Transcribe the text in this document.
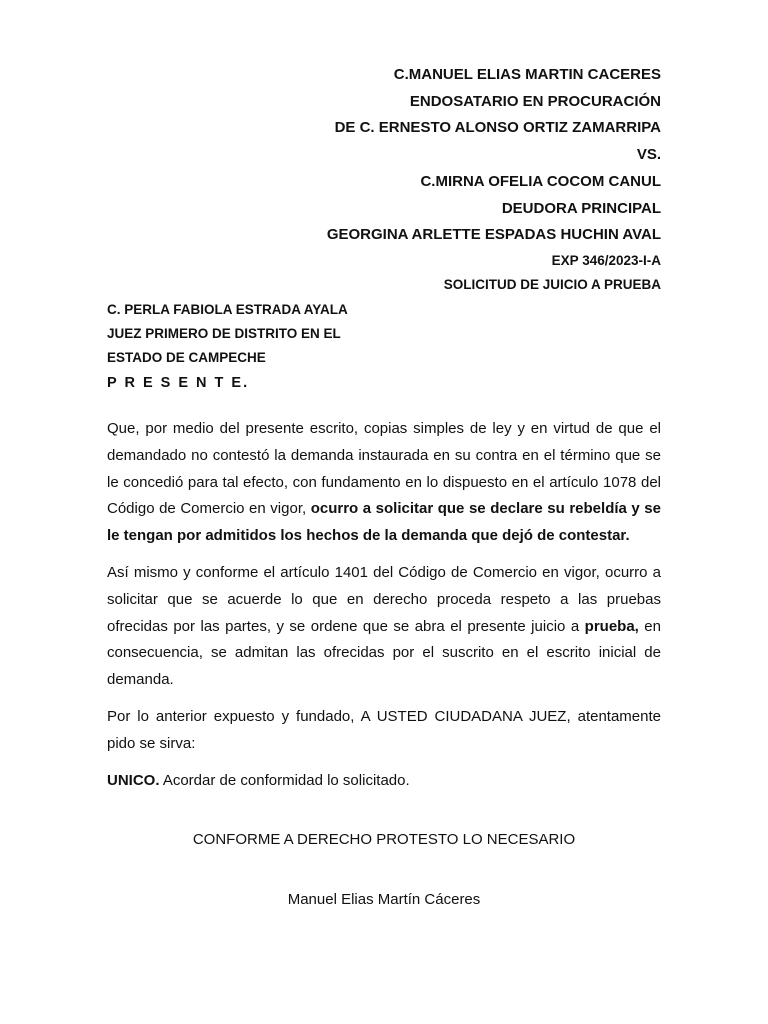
C.MANUEL ELIAS MARTIN CACERES
ENDOSATARIO EN PROCURACIÓN
DE C. ERNESTO ALONSO ORTIZ ZAMARRIPA
VS.
C.MIRNA OFELIA COCOM CANUL
DEUDORA PRINCIPAL
GEORGINA ARLETTE ESPADAS HUCHIN AVAL
EXP 346/2023-I-A
SOLICITUD DE JUICIO A PRUEBA
C. PERLA FABIOLA ESTRADA AYALA
JUEZ PRIMERO DE DISTRITO EN EL
ESTADO DE CAMPECHE
P R E S E N T E.
Que, por medio del presente escrito, copias simples de ley y en virtud de que el demandado no contestó la demanda instaurada en su contra en el término que se le concedió para tal efecto, con fundamento en lo dispuesto en el artículo 1078 del Código de Comercio en vigor, ocurro a solicitar que se declare su rebeldía y se le tengan por admitidos los hechos de la demanda que dejó de contestar.
Así mismo y conforme el artículo 1401 del Código de Comercio en vigor, ocurro a solicitar que se acuerde lo que en derecho proceda respeto a las pruebas ofrecidas por las partes, y se ordene que se abra el presente juicio a prueba, en consecuencia, se admitan las ofrecidas por el suscrito en el escrito inicial de demanda.
Por lo anterior expuesto y fundado, A USTED CIUDADANA JUEZ, atentamente pido se sirva:
UNICO. Acordar de conformidad lo solicitado.
CONFORME A DERECHO PROTESTO LO NECESARIO
Manuel Elias Martín Cáceres
